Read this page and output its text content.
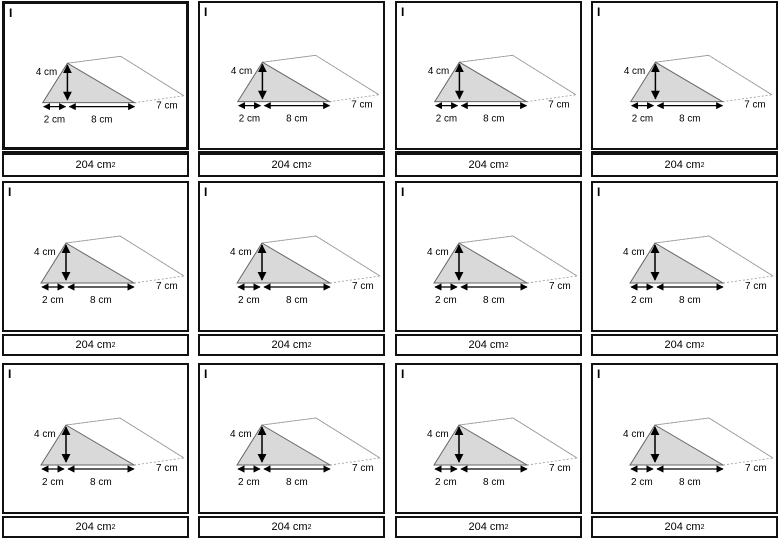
I
4 cm
2 cm	8 cm
7 cm
204
cm 2
I
4 cm
2 cm	8 cm
7 cm
204
cm 2
I
4 cm
2 cm	8 cm
7 cm
204
cm 2
I
4 cm
2 cm	8 cm
7 cm
204
cm 2
I
4 cm
2 cm	8 cm
7 cm
204
cm 2
I
4 cm
2 cm	8 cm
7 cm
204
cm 2
I
4 cm
2 cm	8 cm
7 cm
204
cm 2
I
4 cm
2 cm	8 cm
7 cm
204
cm 2
I
4 cm
2 cm	8 cm
7 cm
204
cm 2
I
4 cm
2 cm	8 cm
7 cm
204
cm 2
I
4 cm
2 cm	8 cm
7 cm
204
cm 2
I
4 cm
2 cm	8 cm
7 cm
204
cm 2
